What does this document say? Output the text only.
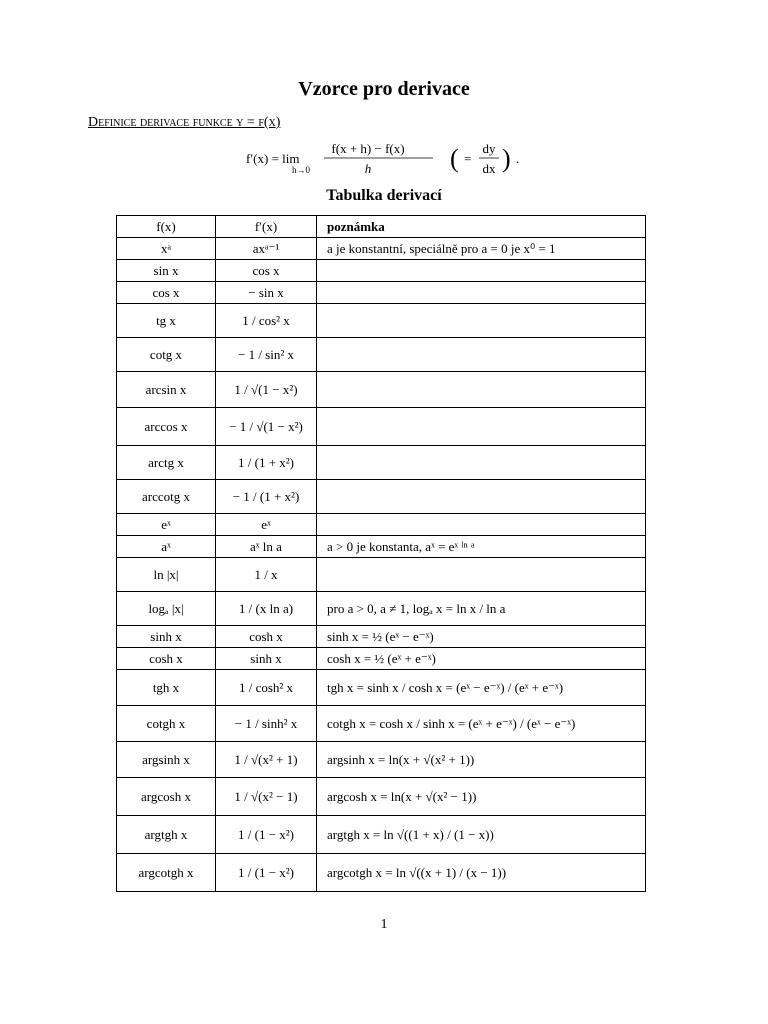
Vzorce pro derivace
Definice derivace funkce y = f(x)
f′(x) = lim
h→0
f(x + h) − f(x)
h	( =
dy
dx ) .
Tabulka derivací
f(x)	f′(x)	poznámka
xᵃ	axᵃ⁻¹	a je konstantní, speciálně pro a = 0 je x⁰ = 1
sin x	cos x	
cos x	− sin x	
tg x	1 / cos² x	
cotg x	− 1 / sin² x	
arcsin x	1 / √(1 − x²)	
arccos x	− 1 / √(1 − x²)	
arctg x	1 / (1 + x²)	
arccotg x	− 1 / (1 + x²)	
eˣ	eˣ	
aˣ	aˣ ln a	a > 0 je konstanta, aˣ = eˣ ˡⁿ ᵃ
ln |x|	1 / x	
logₐ |x|	1 / (x ln a)	pro a > 0, a ≠ 1, logₐ x = ln x / ln a
sinh x	cosh x	sinh x = ½ (eˣ − e⁻ˣ)
cosh x	sinh x	cosh x = ½ (eˣ + e⁻ˣ)
tgh x	1 / cosh² x	tgh x = sinh x / cosh x = (eˣ − e⁻ˣ) / (eˣ + e⁻ˣ)
cotgh x	− 1 / sinh² x	cotgh x = cosh x / sinh x = (eˣ + e⁻ˣ) / (eˣ − e⁻ˣ)
argsinh x	1 / √(x² + 1)	argsinh x = ln(x + √(x² + 1))
argcosh x	1 / √(x² − 1)	argcosh x = ln(x + √(x² − 1))
argtgh x	1 / (1 − x²)	argtgh x = ln √((1 + x) / (1 − x))
argcotgh x	1 / (1 − x²)	argcotgh x = ln √((x + 1) / (x − 1))
1
